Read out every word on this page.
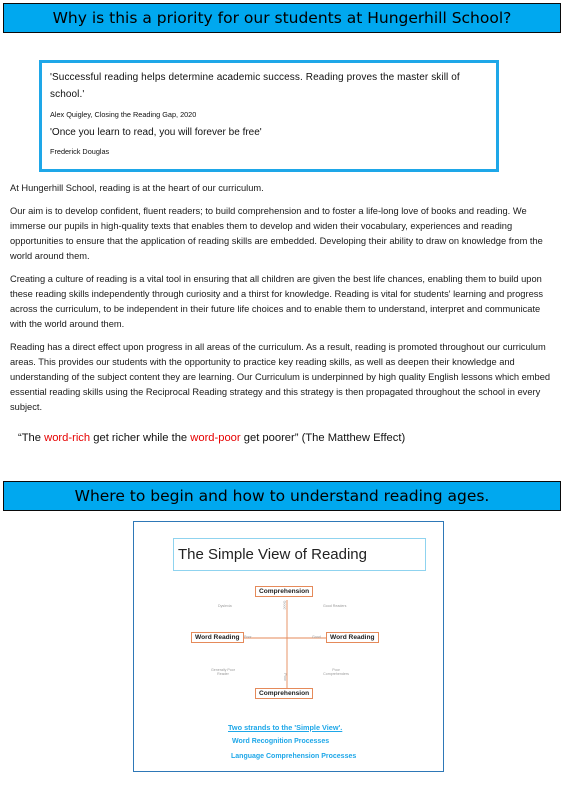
Why is this a priority for our students at Hungerhill School?

'Successful reading helps determine academic success. Reading proves the master skill of school.'

Alex Quigley, Closing the Reading Gap, 2020

'Once you learn to read, you will forever be free'

Frederick Douglas

At Hungerhill School, reading is at the heart of our curriculum.

Our aim is to develop confident, fluent readers; to build comprehension and to foster a life-long love of books and reading. We immerse our pupils in high-quality texts that enables them to develop and widen their vocabulary, experiences and reading opportunities to ensure that the application of reading skills are embedded. Developing their ability to draw on knowledge from the world around them.

Creating a culture of reading is a vital tool in ensuring that all children are given the best life chances, enabling them to build upon these reading skills independently through curiosity and a thirst for knowledge. Reading is vital for students' learning and progress across the curriculum, to be independent in their future life choices and to enable them to understand, interpret and communicate with the world around them.

Reading has a direct effect upon progress in all areas of the curriculum. As a result, reading is promoted throughout our curriculum areas. This provides our students with the opportunity to practice key reading skills, as well as deepen their knowledge and understanding of the subject content they are learning. Our Curriculum is underpinned by high quality English lessons which embed essential reading skills using the Reciprocal Reading strategy and this strategy is then propagated throughout the school in every subject.

“The word-rich get richer while the word-poor get poorer” (The Matthew Effect)
Where to begin and how to understand reading ages.
The Simple View of Reading
Comprehension
Comprehension
Word Reading	Word Reading
Good
Poor	Good
Poor
Dyslexia	Good Readers
Generally Poor Reader
Poor Comprehenders
Two strands to the 'Simple View'.
Word Recognition Processes
Language Comprehension Processes
